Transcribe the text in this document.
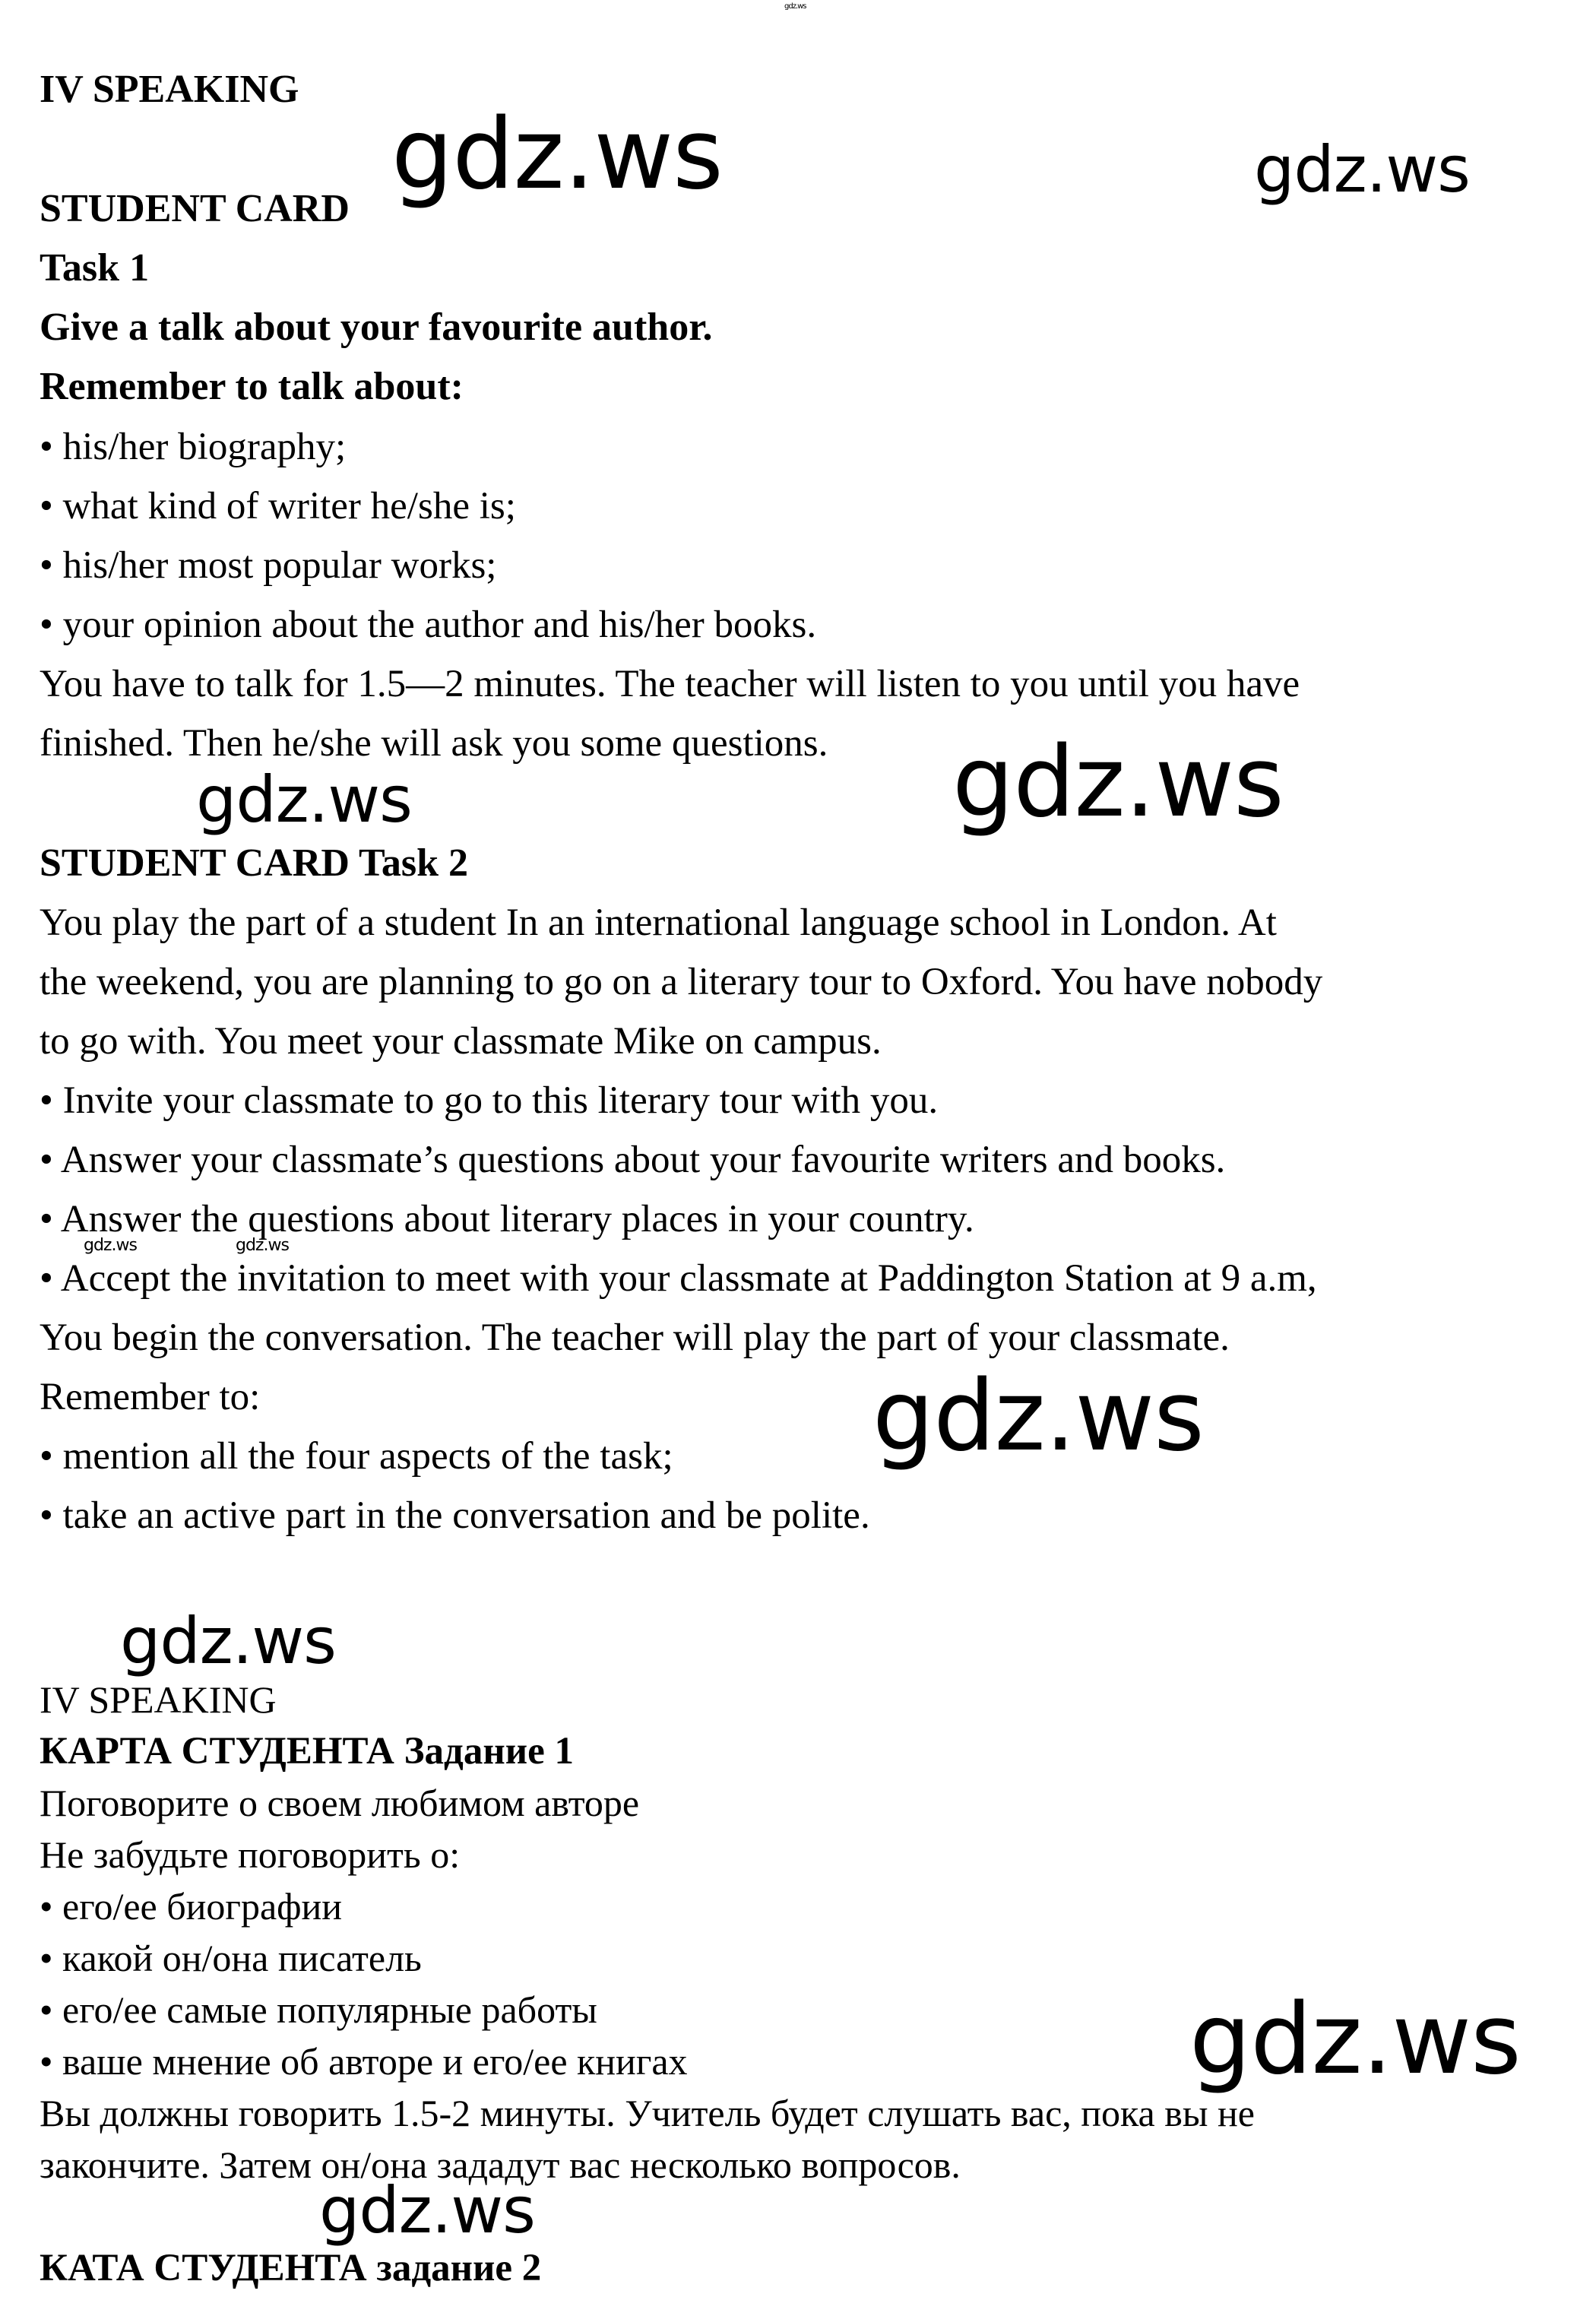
IV SPEAKING
STUDENT CARD
Task 1
Give a talk about your favourite author.
Remember to talk about:
• his/her biography;
• what kind of writer he/she is;
• his/her most popular works;
• your opinion about the author and his/her books.
You have to talk for 1.5—2 minutes. The teacher will listen to you until you have
finished. Then he/she will ask you some questions.
STUDENT CARD Task 2
You play the part of a student In an international language school in London. At
the weekend, you are planning to go on a literary tour to Oxford. You have nobody
to go with. You meet your classmate Mike on campus.
• Invite your classmate to go to this literary tour with you.
• Answer your classmate’s questions about your favourite writers and books.
• Answer the questions about literary places in your country.
• Accept the invitation to meet with your classmate at Paddington Station at 9 a.m,
You begin the conversation. The teacher will play the part of your classmate.
Remember to:
• mention all the four aspects of the task;
• take an active part in the conversation and be polite.
IV SPEAKING
КАРТА СТУДЕНТА Задание 1
Поговорите о своем любимом авторе
Не забудьте поговорить о:
• его/ее биографии
• какой он/она писатель
• его/ее самые популярные работы
• ваше мнение об авторе и его/ее книгах
Вы должны говорить 1.5-2 минуты. Учитель будет слушать вас, пока вы не
закончите. Затем он/она зададут вас несколько вопросов.
КАТА СТУДЕНТА задание 2
gdz.ws
gdz.ws	gdz.ws
gdz.ws
gdz.ws
gdz.ws	gdz.ws
gdz.ws
gdz.ws
gdz.ws
gdz.ws
